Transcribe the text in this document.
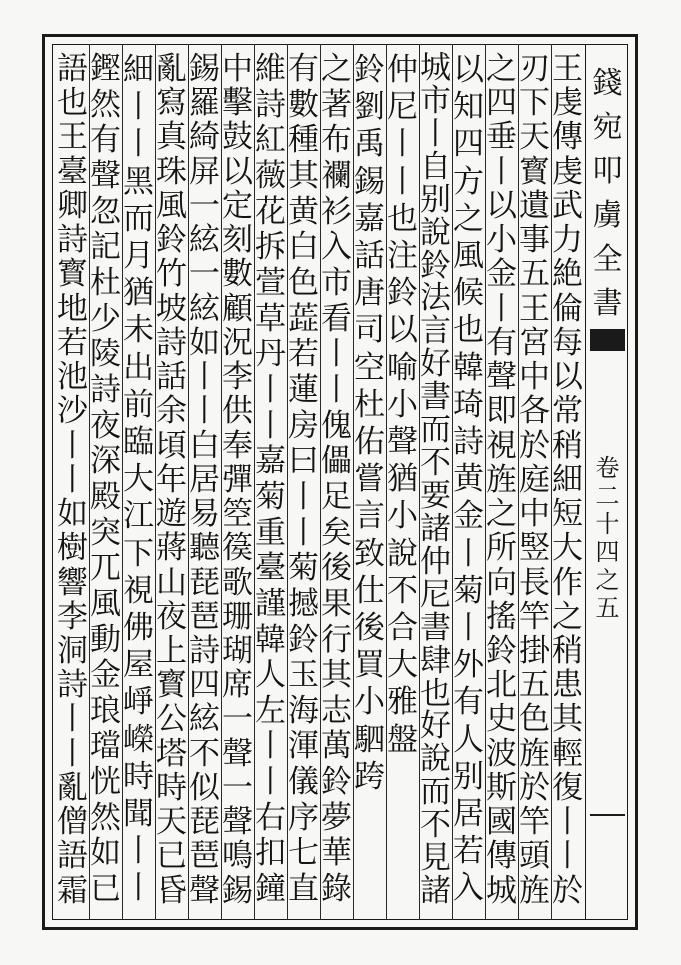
錢
宛
叩
虜
全
書
卷
二
十
四
之
五
王
虔
傳
虔
武
力
絶
倫
每
以
常
稍
細
短
大
作
之
稍
患
其
輕
復
丨
丨
於
刃
下
天
寳
遺
事
五
王
宮
中
各
於
庭
中
竪
長
竿
掛
五
色
旌
於
竿
頭
旌
之
四
垂
丨
以
小
金
丨
有
聲
即
視
旌
之
所
向
搖
鈴
北
史
波
斯
國
傳
城
以
知
四
方
之
風
候
也
韓
琦
詩
黄
金
丨
菊
丨
外
有
人
别
居
若
入
城
市
丨
自
别
說
鈴
法
言
好
書
而
不
要
諸
仲
尼
書
肆
也
好
說
而
不
見
諸
仲
尼
丨
丨
也
注
鈴
以
喻
小
聲
猶
小
說
不
合
大
雅
盤
鈴
劉
禹
錫
嘉
話
唐
司
空
杜
佑
嘗
言
致
仕
後
買
小
駟
跨
之
著
布
襴
衫
入
市
看
丨
丨
傀
儡
足
矣
後
果
行
其
志
萬
鈴
夢
華
錄
有
數
種
其
黄
白
色
蕋
若
蓮
房
曰
丨
丨
菊
撼
鈴
玉
海
渾
儀
序
七
直
維
詩
紅
薇
花
拆
萱
草
丹
丨
丨
嘉
菊
重
臺
謹
韓
人
左
丨
丨
右
扣
鐘
中
擊
鼓
以
定
刻
數
顧
況
李
供
奉
彈
箜
篌
歌
珊
瑚
席
一
聲
一
聲
鳴
錫
錫
羅
綺
屏
一
絃
一
絃
如
丨
丨
白
居
易
聽
琵
琶
詩
四
絃
不
似
琵
琶
聲
亂
寫
真
珠
風
鈴
竹
坡
詩
話
余
頃
年
遊
蔣
山
夜
上
寳
公
塔
時
天
已
昏
細
丨
丨
黑
而
月
猶
未
出
前
臨
大
江
下
視
佛
屋
崢
嶸
時
聞
丨
丨
鏗
然
有
聲
忽
記
杜
少
陵
詩
夜
深
殿
突
兀
風
動
金
琅
璫
恍
然
如
已
語
也
王
臺
卿
詩
寳
地
若
池
沙
丨
丨
如
樹
響
李
洞
詩
丨
丨
亂
僧
語
霜
